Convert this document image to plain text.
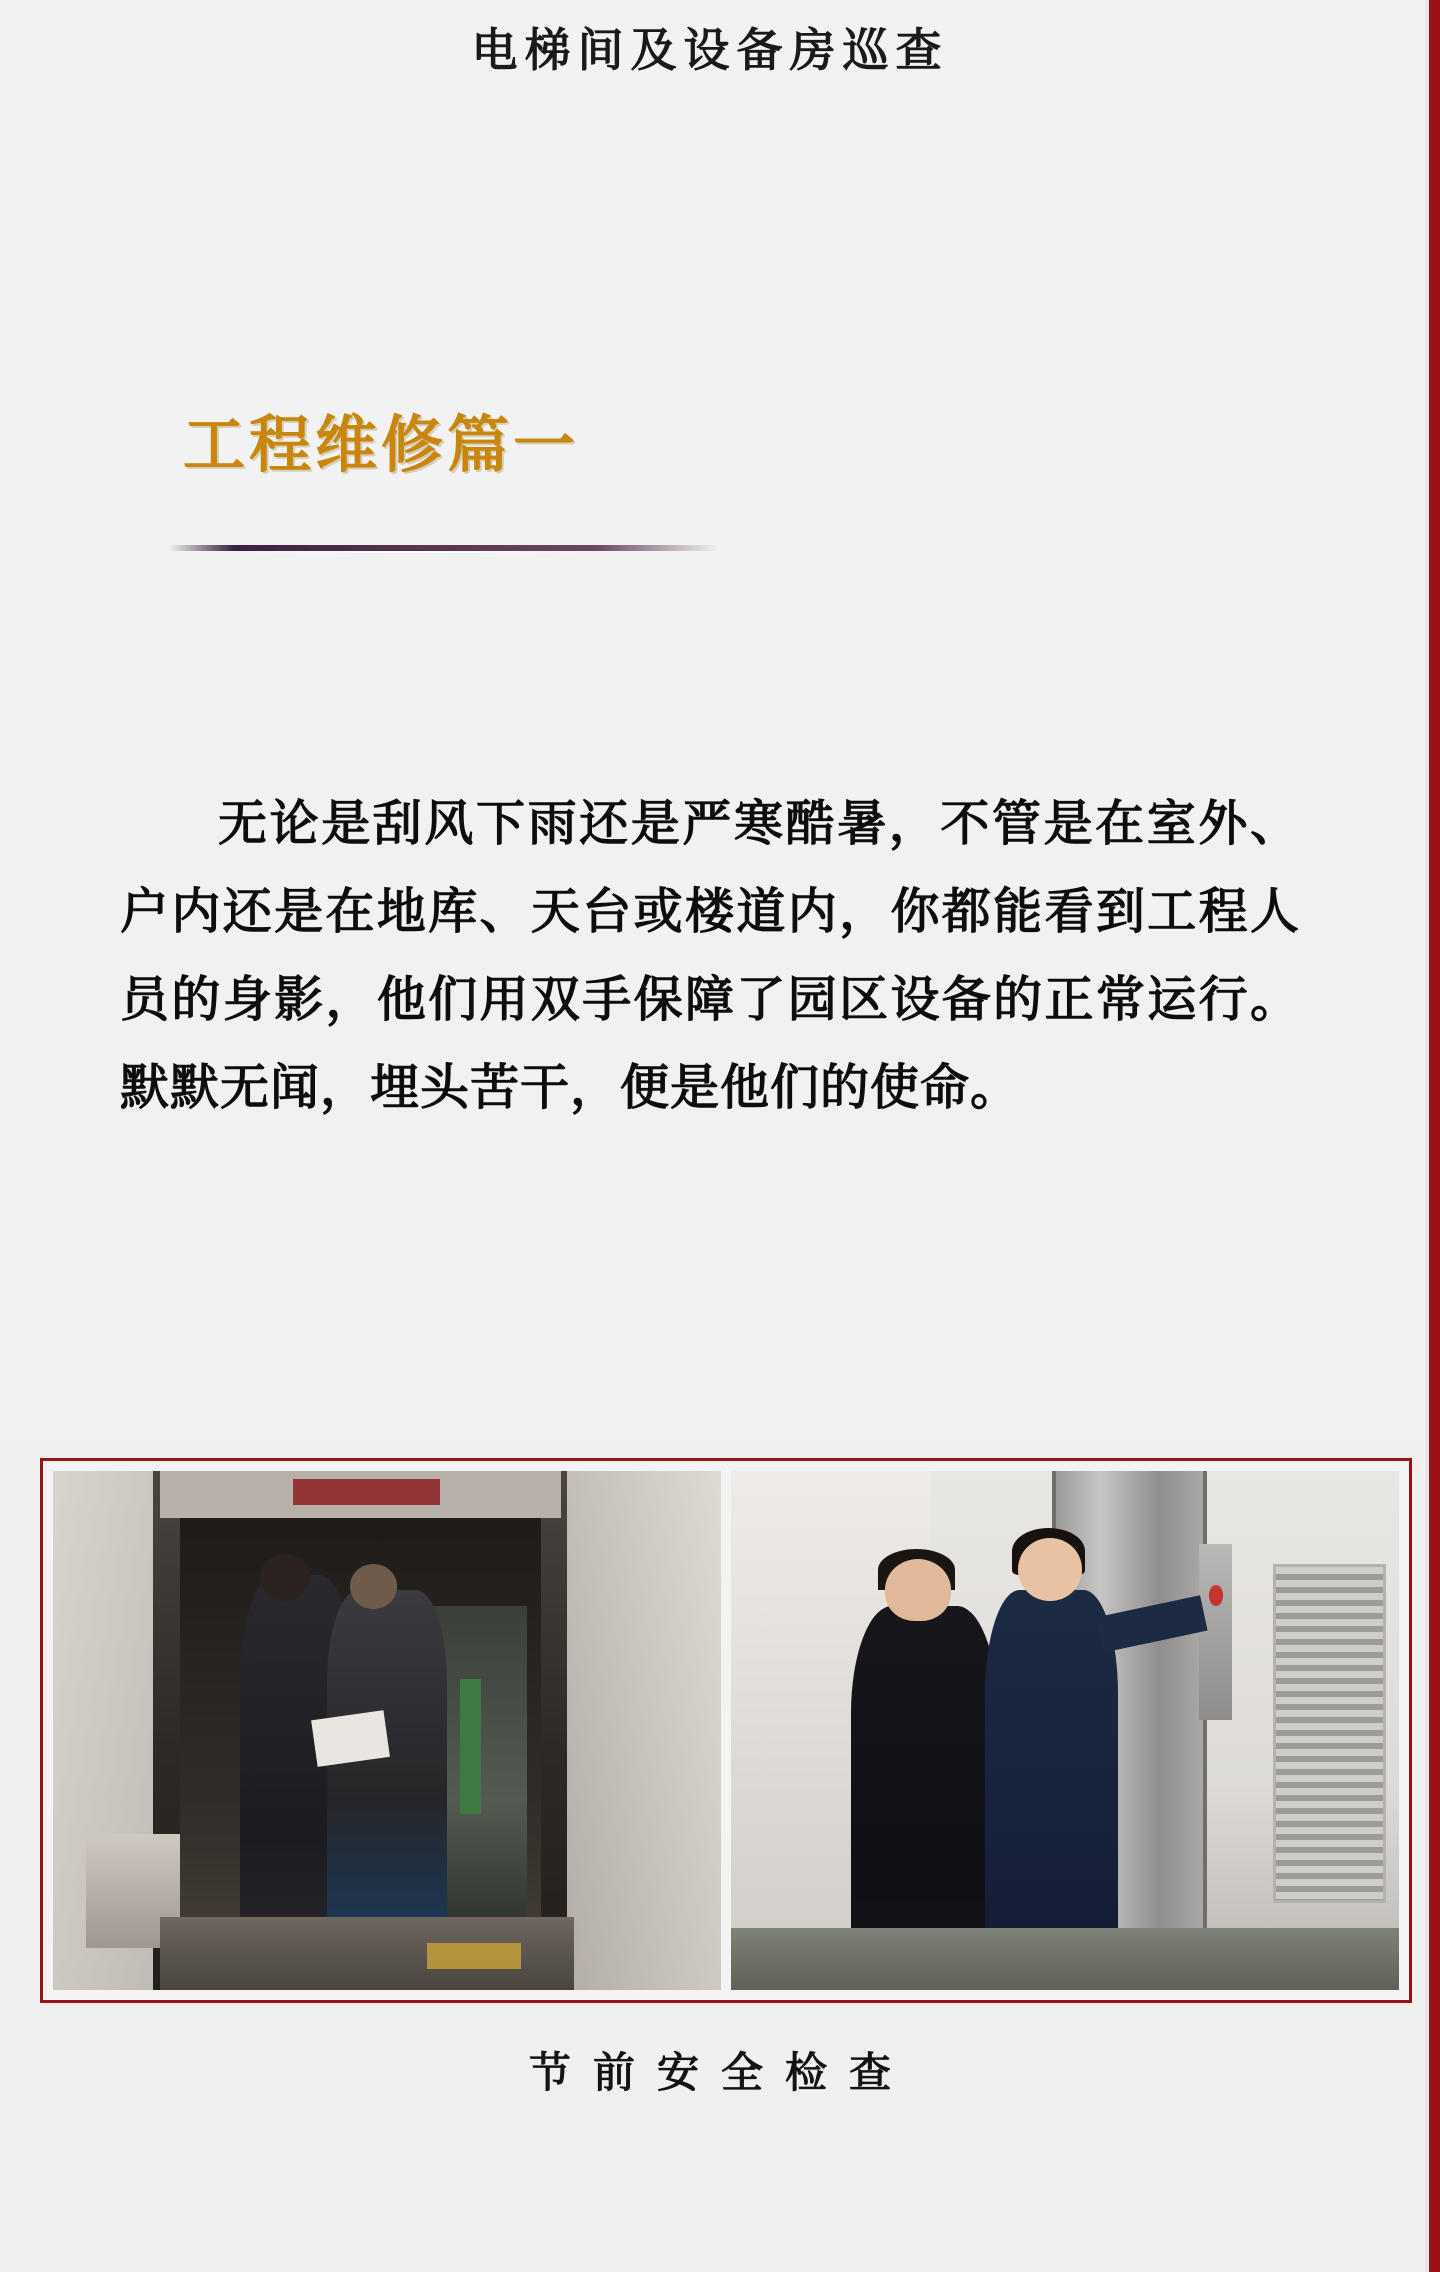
电梯间及设备房巡查
工程维修篇一
无论是刮风下雨还是严寒酷暑，不管是在室外、户内还是在地库、天台或楼道内，你都能看到工程人员的身影，他们用双手保障了园区设备的正常运行。默默无闻，埋头苦干，便是他们的使命。
节前安全检查
